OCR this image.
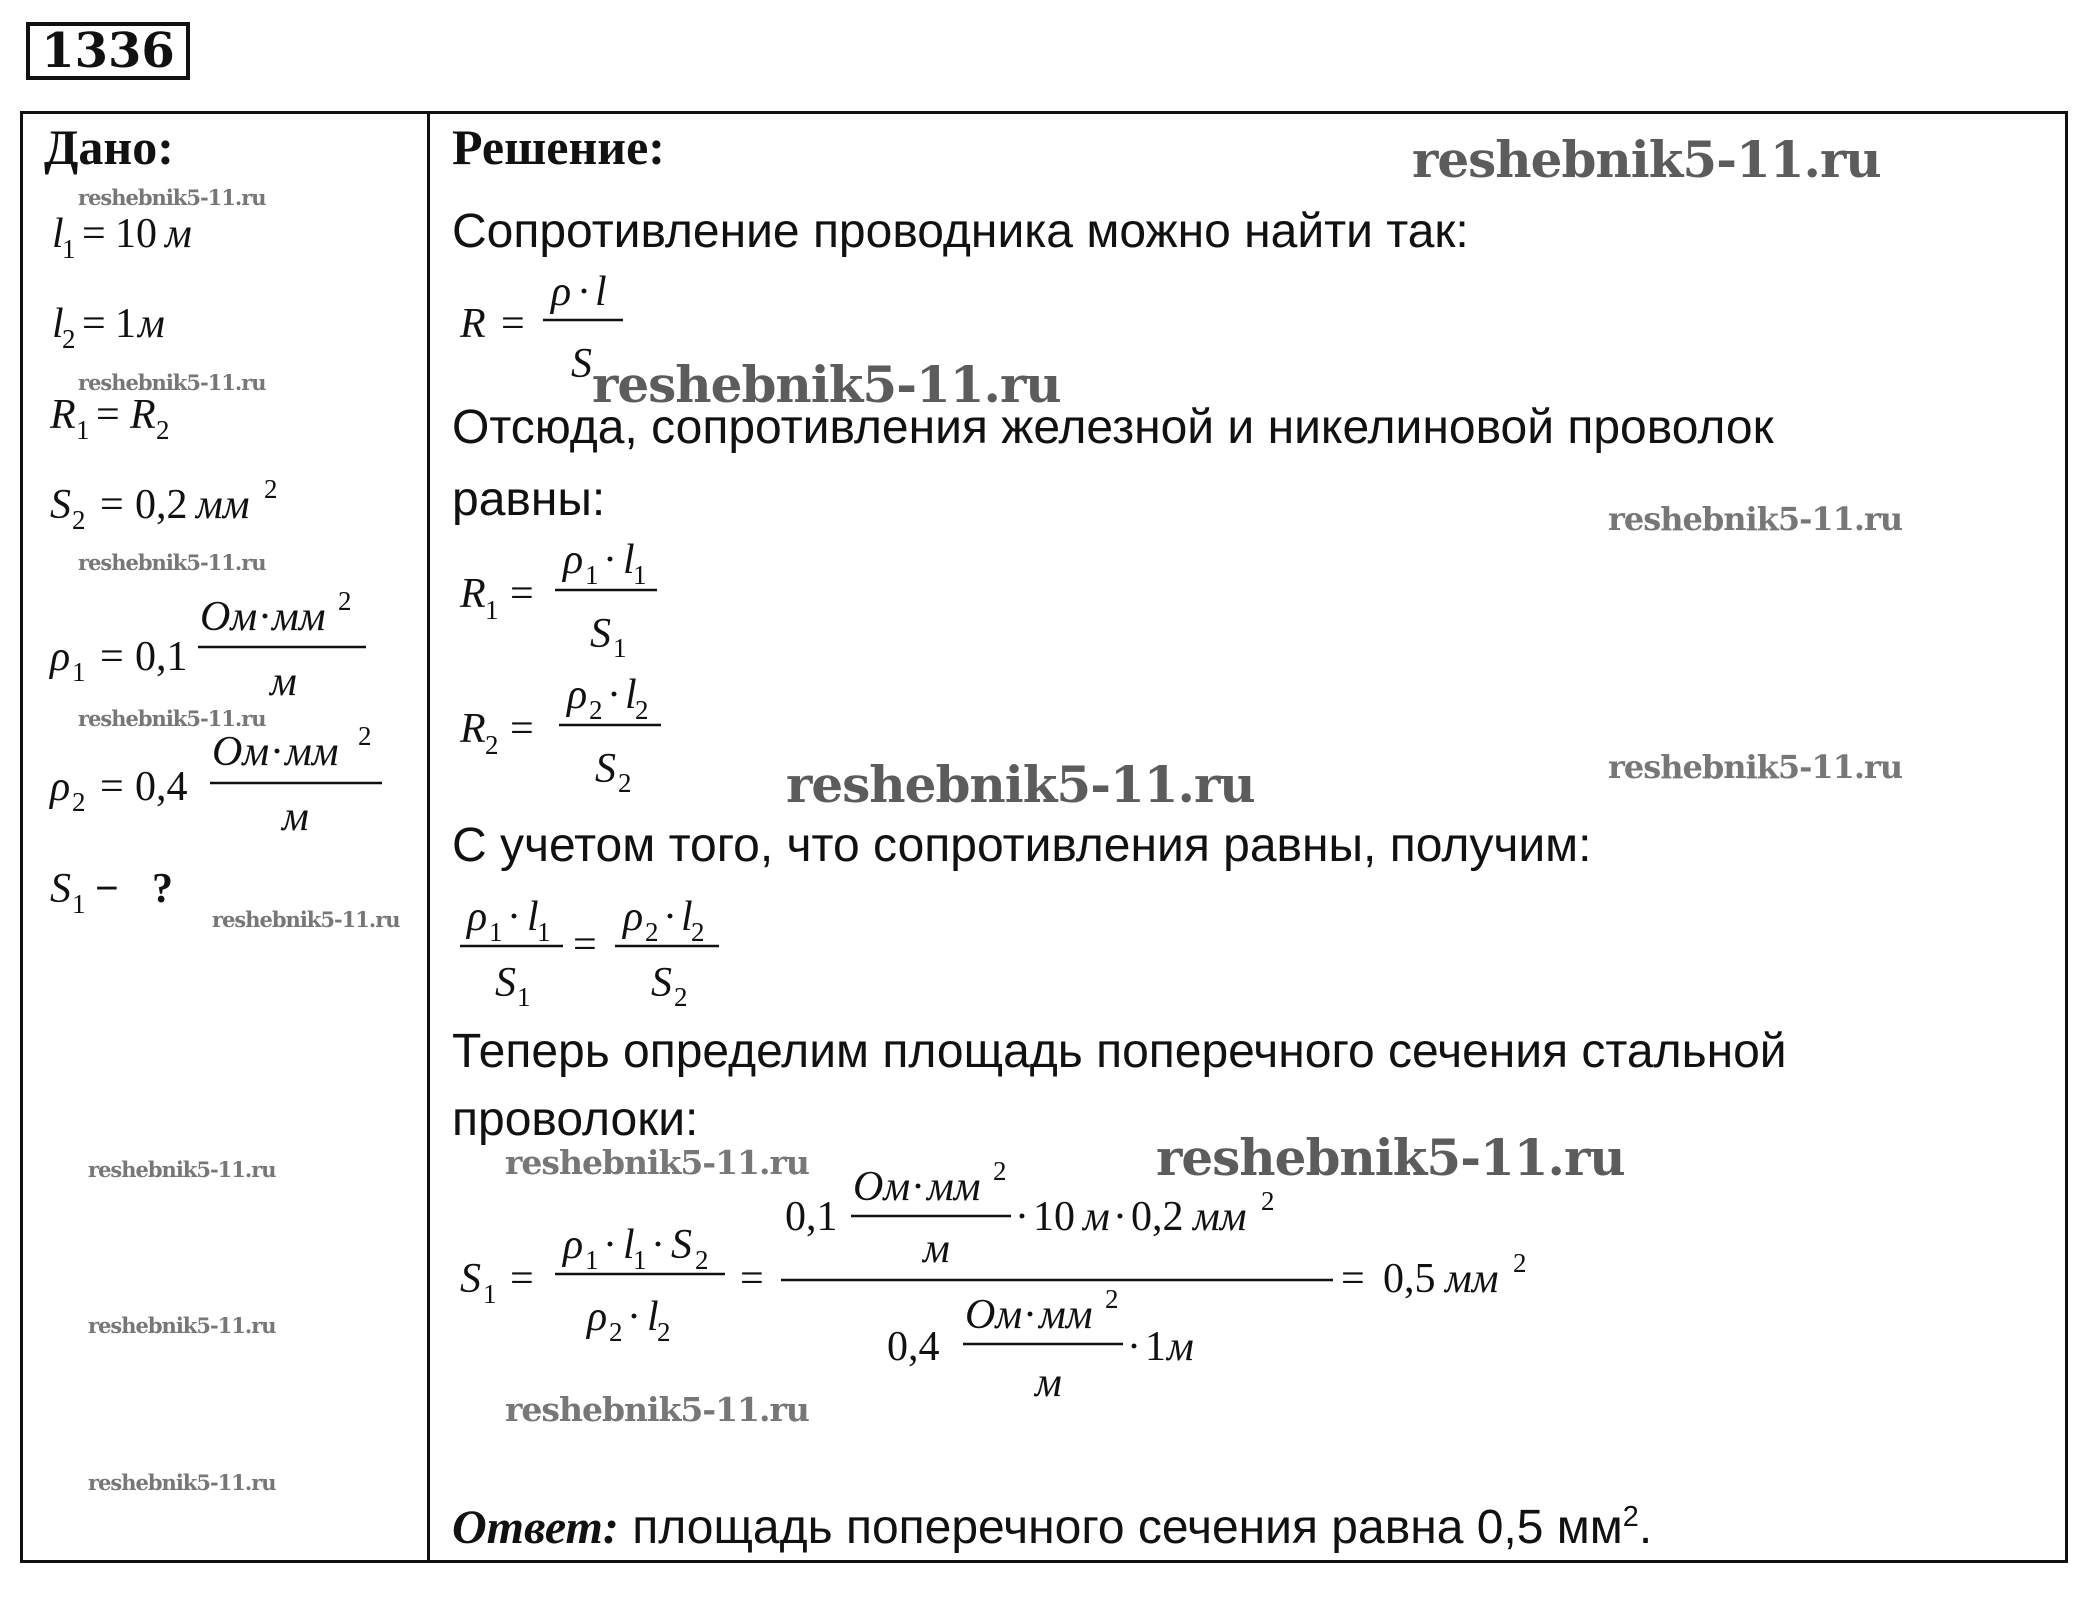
1336
Дано:
l
1 = 10 м
l
2 = 1 м
R 1 = R 2
S 2 = 0,2 мм 2
ρ 1 = 0,1
Ом · мм 2
м
ρ 2 = 0,4
Ом · мм 2
м
S 1 − ?
Решение:
Сопротивление проводника можно найти так:
R =
ρ · l
S
Отсюда, сопротивления железной и никелиновой проволок
равны:
R 1 =
ρ 1 · l
1
S 1
R 2 =
ρ 2 · l
2
S 2
С учетом того, что сопротивления равны, получим:
ρ 1 · l
1
S 1
=
ρ 2 · l
2
S 2
Теперь определим площадь поперечного сечения стальной
проволоки:
S 1 =
ρ 1 · l
1 · S 2
ρ 2 · l
2
=
0,1
Ом · мм 2
м
· 10 м · 0,2 мм 2
0,4
Ом · мм 2
м
· 1 м
= 0,5 мм 2
Ответ: площадь поперечного сечения равна 0,5 $мм^2$.
reshebnik5-11.ru
reshebnik5-11.ru
reshebnik5-11.ru
reshebnik5-11.ru
reshebnik5-11.ru
reshebnik5-11.ru
reshebnik5-11.ru
reshebnik5-11.ru
reshebnik5-11.ru
reshebnik5-11.ru
reshebnik5-11.ru
reshebnik5-11.ru	reshebnik5-11.ru
reshebnik5-11.ru	reshebnik5-11.ru
reshebnik5-11.ru
